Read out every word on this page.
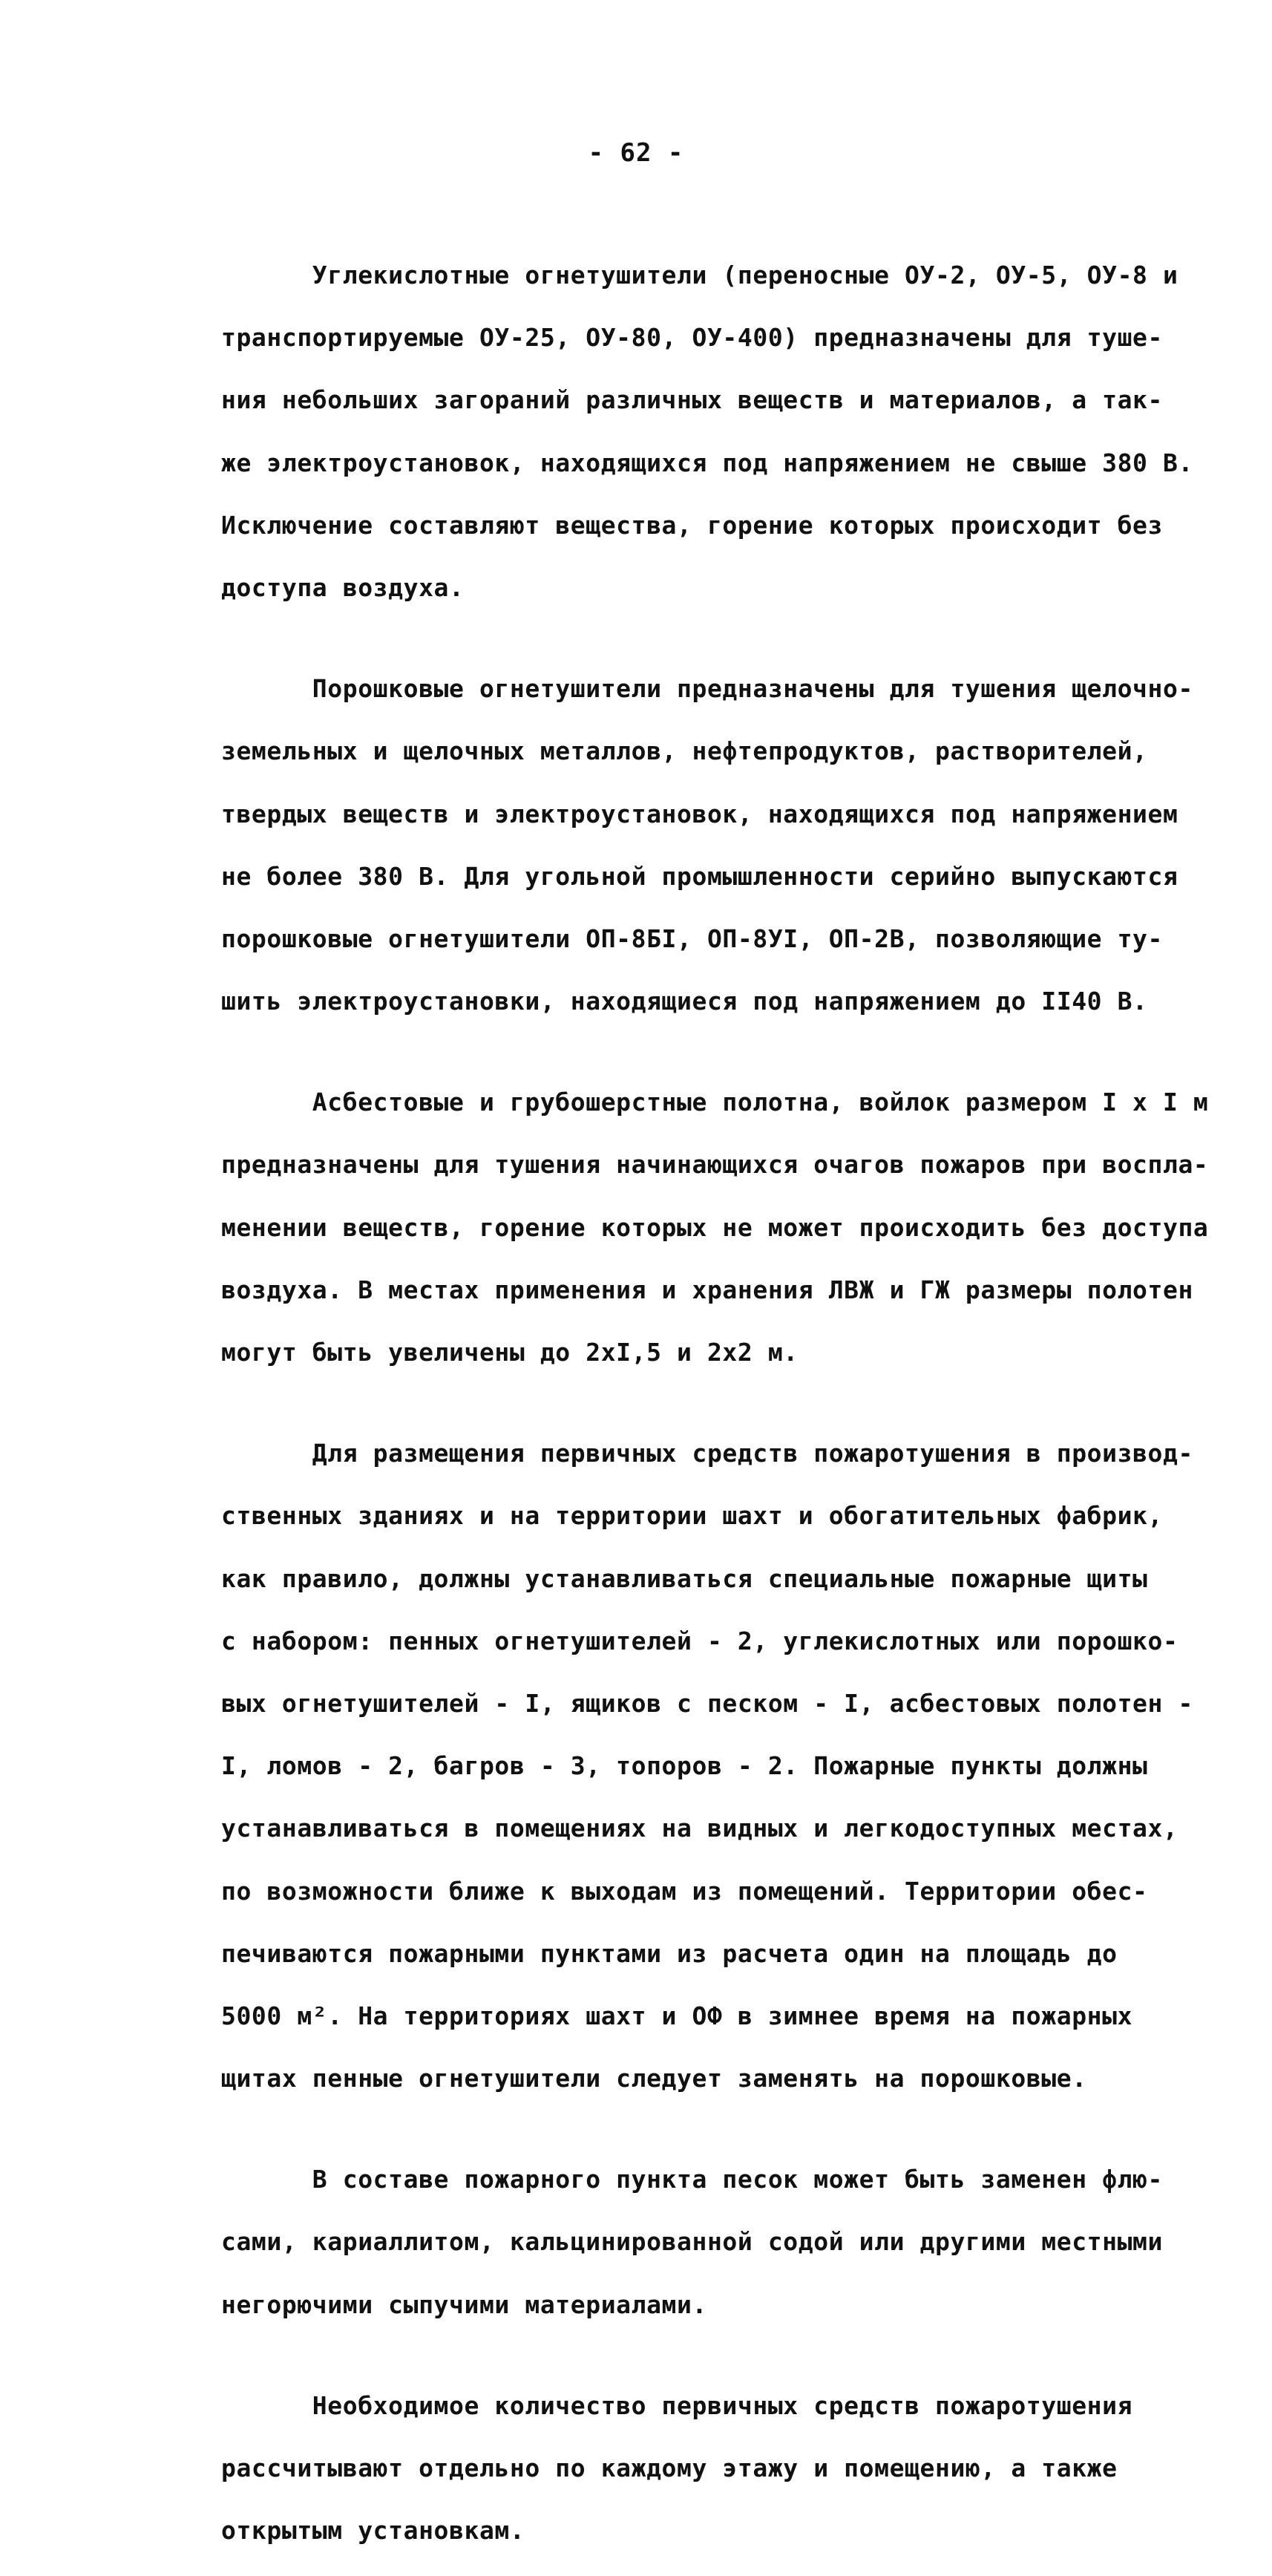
- 62 -

Углекислотные огнетушители (переносные ОУ-2, ОУ-5, ОУ-8 и

транспортируемые ОУ-25, ОУ-80, ОУ-400) предназначены для туше-

ния небольших загораний различных веществ и материалов, а так-

же электроустановок, находящихся под напряжением не свыше 380 В.

Исключение составляют вещества, горение которых происходит без

доступа воздуха.

Порошковые огнетушители предназначены для тушения щелочно-

земельных и щелочных металлов, нефтепродуктов, растворителей,

твердых веществ и электроустановок, находящихся под напряжением

не более 380 В. Для угольной промышленности серийно выпускаются

порошковые огнетушители ОП-8БI, ОП-8УI, ОП-2В, позволяющие ту-

шить электроустановки, находящиеся под напряжением до II40 В.

Асбестовые и грубошерстные полотна, войлок размером I х I м

предназначены для тушения начинающихся очагов пожаров при воспла-

менении веществ, горение которых не может происходить без доступа

воздуха. В местах применения и хранения ЛВЖ и ГЖ размеры полотен

могут быть увеличены до 2хI,5 и 2х2 м.

Для размещения первичных средств пожаротушения в производ-

ственных зданиях и на территории шахт и обогатительных фабрик,

как правило, должны устанавливаться специальные пожарные щиты

с набором: пенных огнетушителей - 2, углекислотных или порошко-

вых огнетушителей - I, ящиков с песком - I, асбестовых полотен -

I, ломов - 2, багров - 3, топоров - 2. Пожарные пункты должны

устанавливаться в помещениях на видных и легкодоступных местах,

по возможности ближе к выходам из помещений. Территории обес-

печиваются пожарными пунктами из расчета один на площадь до

5000 м². На территориях шахт и ОФ в зимнее время на пожарных

щитах пенные огнетушители следует заменять на порошковые.

В составе пожарного пункта песок может быть заменен флю-

сами, кариаллитом, кальцинированной содой или другими местными

негорючими сыпучими материалами.

Необходимое количество первичных средств пожаротушения

рассчитывают отдельно по каждому этажу и помещению, а также

открытым установкам.
